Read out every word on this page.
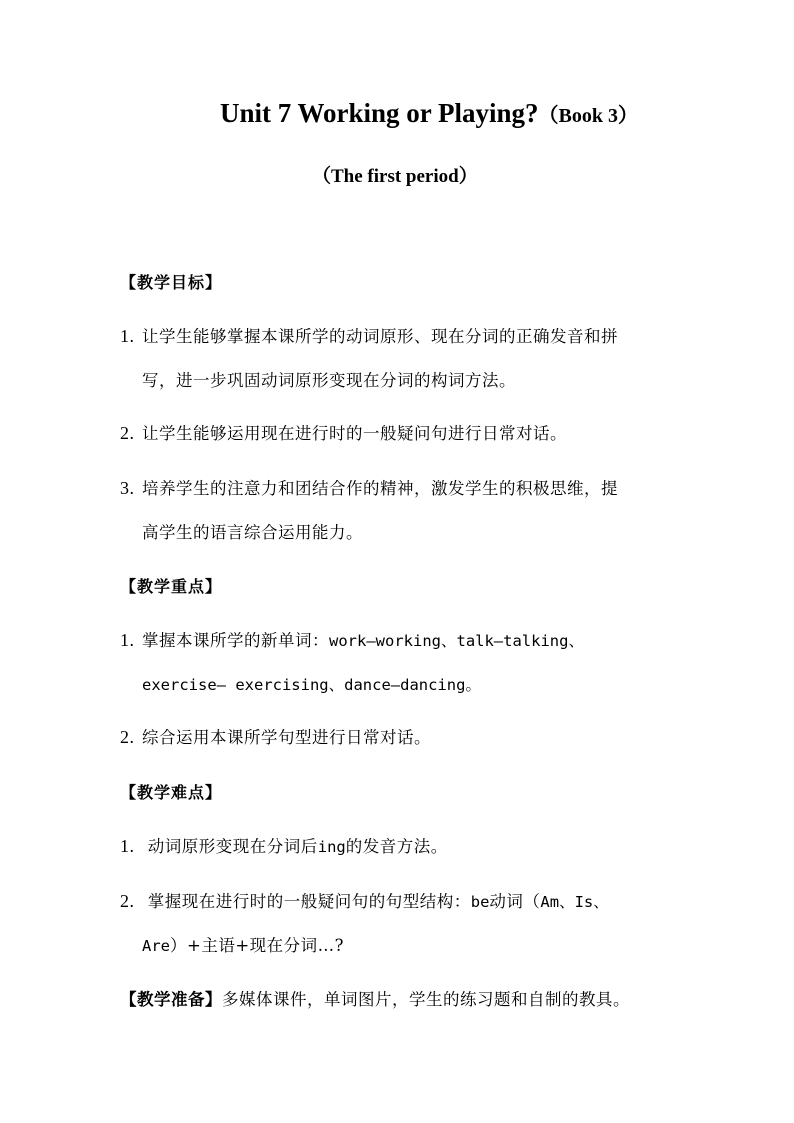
Unit 7 Working or Playing?（Book 3）
（The first period）
【教学目标】
1. 让学生能够掌握本课所学的动词原形、现在分词的正确发音和拼
写，进一步巩固动词原形变现在分词的构词方法。
2. 让学生能够运用现在进行时的一般疑问句进行日常对话。
3. 培养学生的注意力和团结合作的精神，激发学生的积极思维，提
高学生的语言综合运用能力。
【教学重点】
1. 掌握本课所学的新单词：work—working、talk—talking、
exercise— exercising、dance—dancing。
2. 综合运用本课所学句型进行日常对话。
【教学难点】
1. 动词原形变现在分词后ing的发音方法。
2. 掌握现在进行时的一般疑问句的句型结构：be动词（Am、Is、
Are）+主语+现在分词…?
【教学准备】多媒体课件，单词图片，学生的练习题和自制的教具。
